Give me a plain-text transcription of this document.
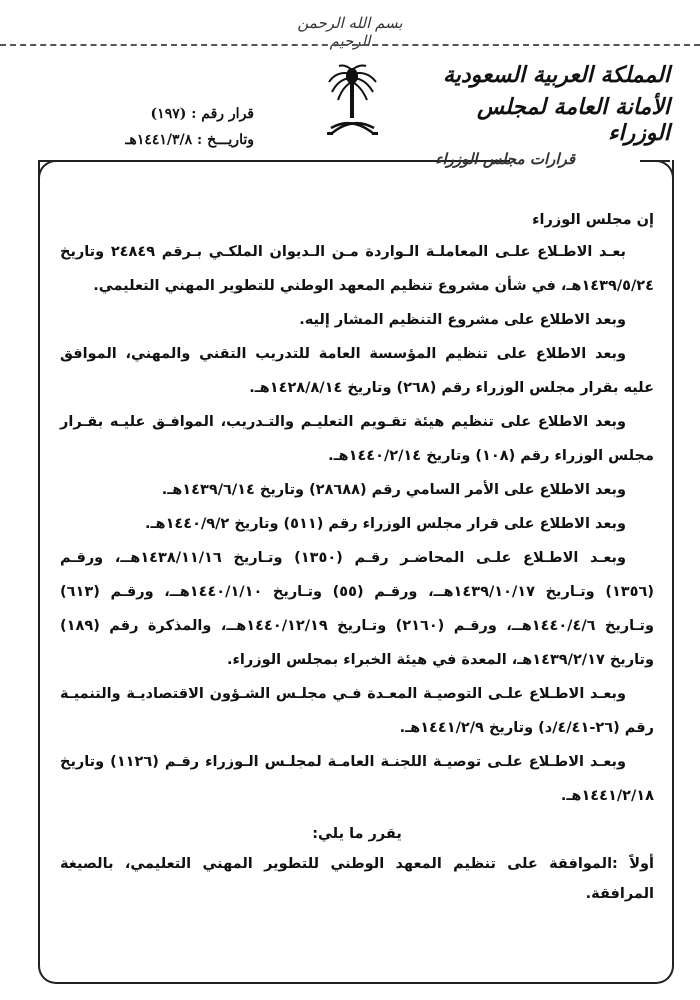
بسم الله الرحمن الرحيم
المملكة العربية السعودية
الأمانة العامة لمجلس الوزراء
قرار رقم : (١٩٧)
وتاريـــخ : ١٤٤١/٣/٨هـ
قرارات مجلس الوزراء

إن مجلس الوزراء

بعـد الاطـلاع علـى المعاملـة الـواردة مـن الـديوان الملكـي بـرقم ٢٤٨٤٩ وتاريخ ١٤٣٩/٥/٢٤هـ، في شأن مشروع تنظيم المعهد الوطني للتطوير المهني التعليمي.

وبعد الاطلاع على مشروع التنظيم المشار إليه.

وبعد الاطلاع على تنظيم المؤسسة العامة للتدريب التقني والمهني، الموافق عليه بقرار مجلس الوزراء رقم (٢٦٨) وتاريخ ١٤٢٨/٨/١٤هـ.

وبعد الاطلاع على تنظيم هيئة تقـويم التعليـم والتـدريب، الموافـق عليـه بقـرار مجلس الوزراء رقم (١٠٨) وتاريخ ١٤٤٠/٢/١٤هـ.

وبعد الاطلاع على الأمر السامي رقم (٢٨٦٨٨) وتاريخ ١٤٣٩/٦/١٤هـ.

وبعد الاطلاع على قرار مجلس الوزراء رقم (٥١١) وتاريخ ١٤٤٠/٩/٢هـ.

وبعـد الاطـلاع علـى المحاضـر رقـم (١٣٥٠) وتـاريخ ١٤٣٨/١١/١٦هــ، ورقـم (١٣٥٦) وتـاريخ ١٤٣٩/١٠/١٧هــ، ورقـم (٥٥) وتـاريخ ١٤٤٠/١/١٠هــ، ورقـم (٦١٣) وتـاريخ ١٤٤٠/٤/٦هــ، ورقـم (٢١٦٠) وتـاريخ ١٤٤٠/١٢/١٩هــ، والمذكرة رقم (١٨٩) وتاريخ ١٤٣٩/٢/١٧هـ، المعدة في هيئة الخبراء بمجلس الوزراء.

وبعـد الاطـلاع علـى التوصيـة المعـدة فـي مجلـس الشـؤون الاقتصاديـة والتنميـة رقم (٢٦-٤/٤١/د) وتاريخ ١٤٤١/٢/٩هـ.

وبعـد الاطـلاع علـى توصيـة اللجنـة العامـة لمجلـس الـوزراء رقـم (١١٢٦) وتاريخ ١٤٤١/٢/١٨هـ.

يقرر ما يلي:

أولاً :الموافقة على تنظيم المعهد الوطني للتطوير المهني التعليمي، بالصيغة المرافقة.
